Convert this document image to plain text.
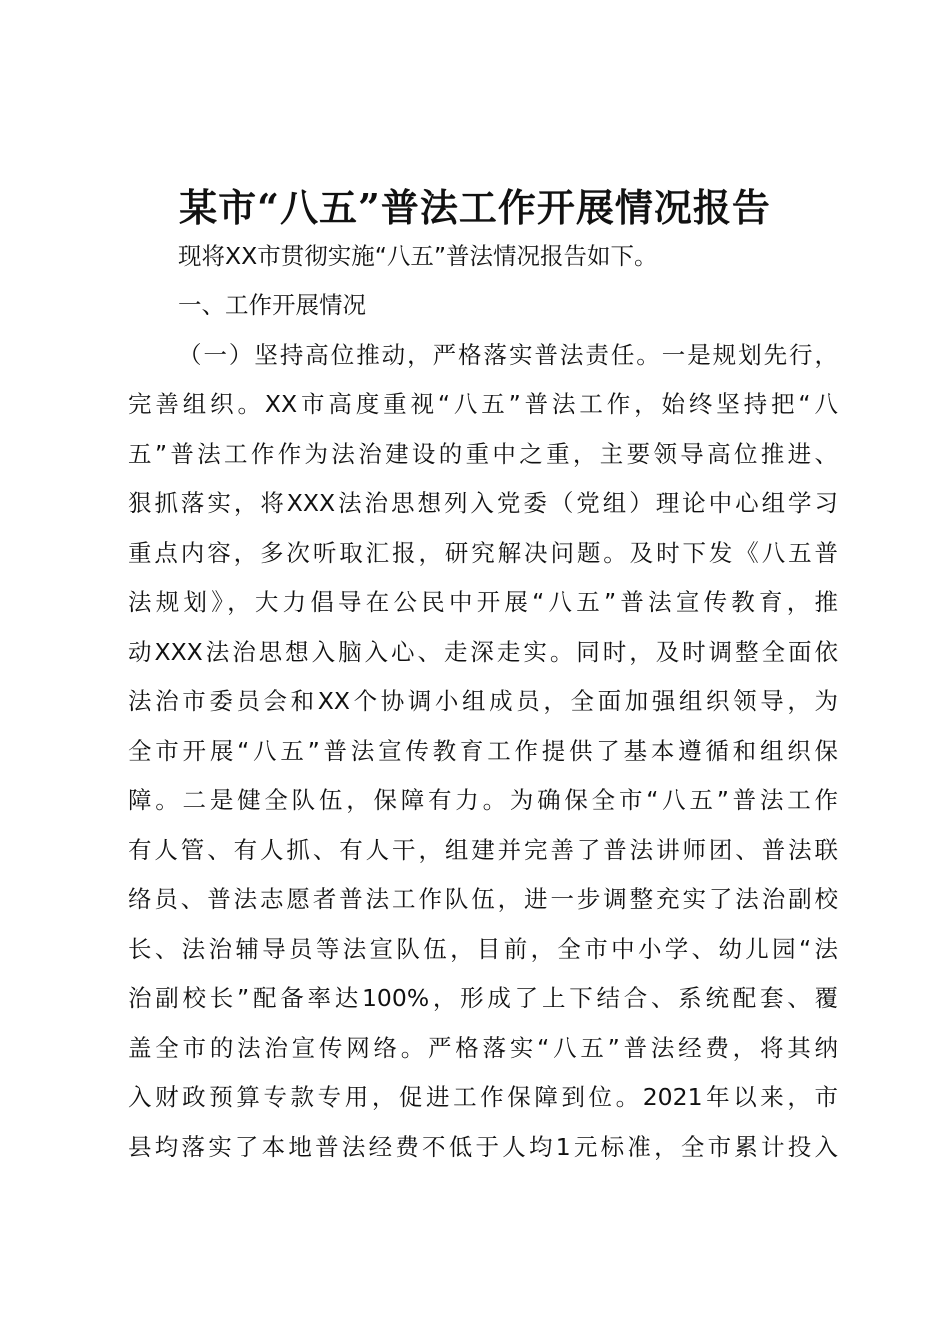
某市“八五”普法工作开展情况报告
现将XX市贯彻实施“八五”普法情况报告如下。
一、工作开展情况
（一）坚持高位推动，严格落实普法责任。一是规划先行，
完善组织。XX市高度重视“八五”普法工作，始终坚持把“八
五”普法工作作为法治建设的重中之重，主要领导高位推进、
狠抓落实，将XXX法治思想列入党委（党组）理论中心组学习
重点内容，多次听取汇报，研究解决问题。及时下发《八五普
法规划》，大力倡导在公民中开展“八五”普法宣传教育，推
动XXX法治思想入脑入心、走深走实。同时，及时调整全面依
法治市委员会和XX个协调小组成员，全面加强组织领导，为
全市开展“八五”普法宣传教育工作提供了基本遵循和组织保
障。二是健全队伍，保障有力。为确保全市“八五”普法工作
有人管、有人抓、有人干，组建并完善了普法讲师团、普法联
络员、普法志愿者普法工作队伍，进一步调整充实了法治副校
长、法治辅导员等法宣队伍，目前，全市中小学、幼儿园“法
治副校长”配备率达100%，形成了上下结合、系统配套、覆
盖全市的法治宣传网络。严格落实“八五”普法经费，将其纳
入财政预算专款专用，促进工作保障到位。2021年以来，市
县均落实了本地普法经费不低于人均1元标准，全市累计投入
